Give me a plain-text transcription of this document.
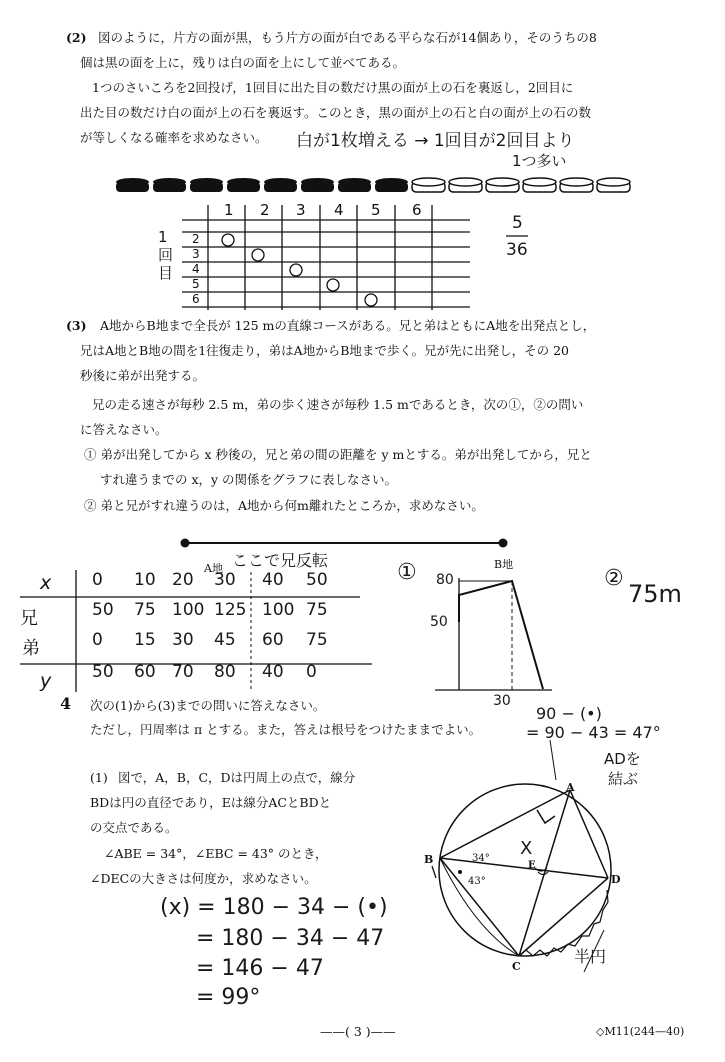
(2) 図のように，片方の面が黒，もう片方の面が白である平らな石が14個あり，そのうちの8
個は黒の面を上に，残りは白の面を上にして並べてある。
1つのさいころを2回投げ，1回目に出た目の数だけ黒の面が上の石を裏返し，2回目に
出た目の数だけ白の面が上の石を裏返す。このとき，黒の面が上の石と白の面が上の石の数
が等しくなる確率を求めなさい。 白が1枚増える → 1回目が2回目より
1つ多い
1 2 3 4 5 6
2
3
4
5
6
1回目
5
36
(3) A地からB地まで全長が 125 mの直線コースがある。兄と弟はともにA地を出発点とし，
兄はA地とB地の間を1往復走り，弟はA地からB地まで歩く。兄が先に出発し，その 20
秒後に弟が出発する。
兄の走る速さが毎秒 2.5 m，弟の歩く速さが毎秒 1.5 mであるとき，次の①，②の問い
に答えなさい。
① 弟が出発してから x 秒後の，兄と弟の間の距離を y mとする。弟が出発してから，兄と
すれ違うまでの x，y の関係をグラフに表しなさい。
② 弟と兄がすれ違うのは，A地から何m離れたところか，求めなさい。
A地	B地
ここで兄反転
x
兄
弟
y
0 10 20 30 40 50
50 75 100 125 100 75
0 15 30 45 60 75
50 60 70 80 40 0
① 80
50
30
②
75m
4 次の(1)から(3)までの問いに答えなさい。
ただし，円周率は π とする。また，答えは根号をつけたままでよい。
90 − (•)
= 90 − 43 = 47°
ADを
結ぶ
(1) 図で，A，B，C，Dは円周上の点で，線分
BDは円の直径であり，Eは線分ACとBDと
の交点である。
∠ABE = 34°，∠EBC = 43° のとき，
∠DECの大きさは何度か，求めなさい。
(x) = 180 − 34 − (•)
= 180 − 34 − 47
= 146 − 47
= 99°
A
B
C
D
E
34°
43°
X
半円
——( 3 )——	◇M11(244—40)
